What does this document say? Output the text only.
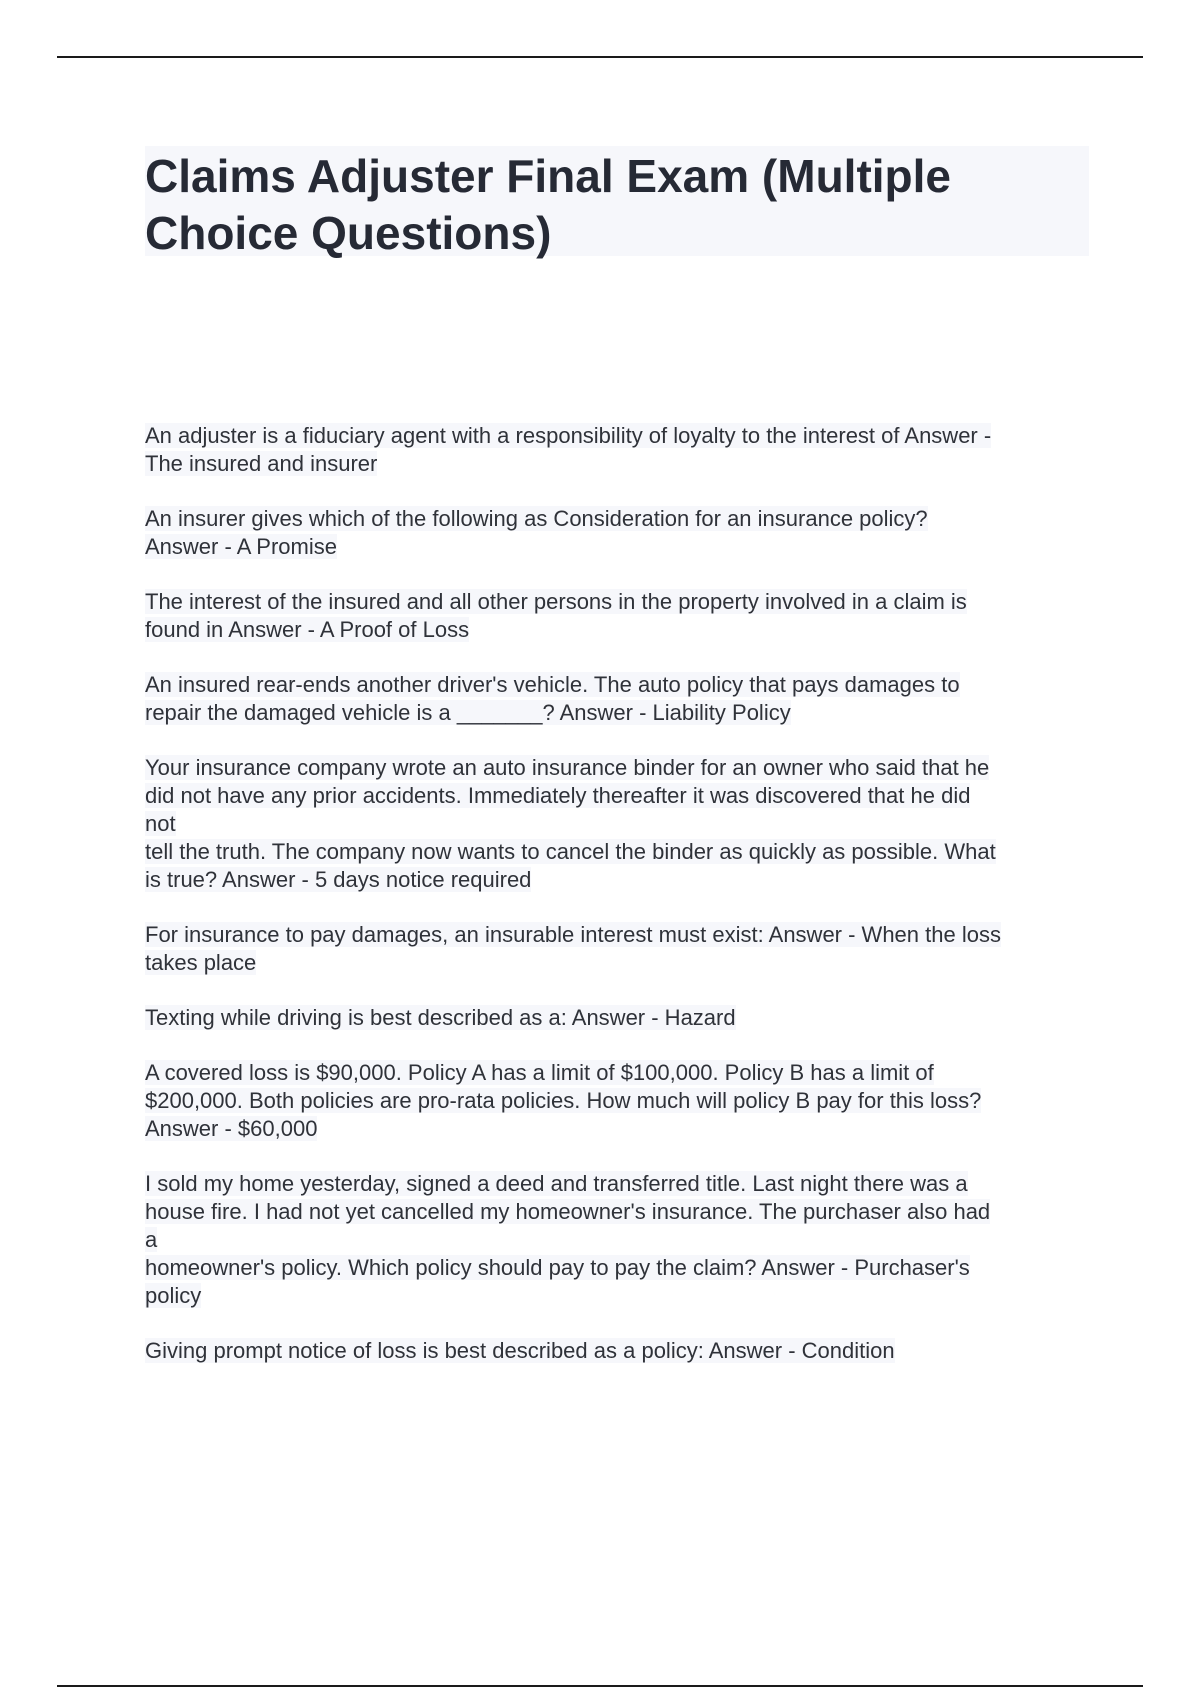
Claims Adjuster Final Exam (Multiple
Choice Questions)
An adjuster is a fiduciary agent with a responsibility of loyalty to the interest of Answer -
The insured and insurer
An insurer gives which of the following as Consideration for an insurance policy?
Answer - A Promise
The interest of the insured and all other persons in the property involved in a claim is
found in Answer - A Proof of Loss
An insured rear-ends another driver's vehicle. The auto policy that pays damages to
repair the damaged vehicle is a _______? Answer - Liability Policy
Your insurance company wrote an auto insurance binder for an owner who said that he
did not have any prior accidents. Immediately thereafter it was discovered that he did
not
tell the truth. The company now wants to cancel the binder as quickly as possible. What
is true? Answer - 5 days notice required
For insurance to pay damages, an insurable interest must exist: Answer - When the loss
takes place
Texting while driving is best described as a: Answer - Hazard
A covered loss is $90,000. Policy A has a limit of $100,000. Policy B has a limit of
$200,000. Both policies are pro-rata policies. How much will policy B pay for this loss?
Answer - $60,000
I sold my home yesterday, signed a deed and transferred title. Last night there was a
house fire. I had not yet cancelled my homeowner's insurance. The purchaser also had
a
homeowner's policy. Which policy should pay to pay the claim? Answer - Purchaser's
policy
Giving prompt notice of loss is best described as a policy: Answer - Condition
